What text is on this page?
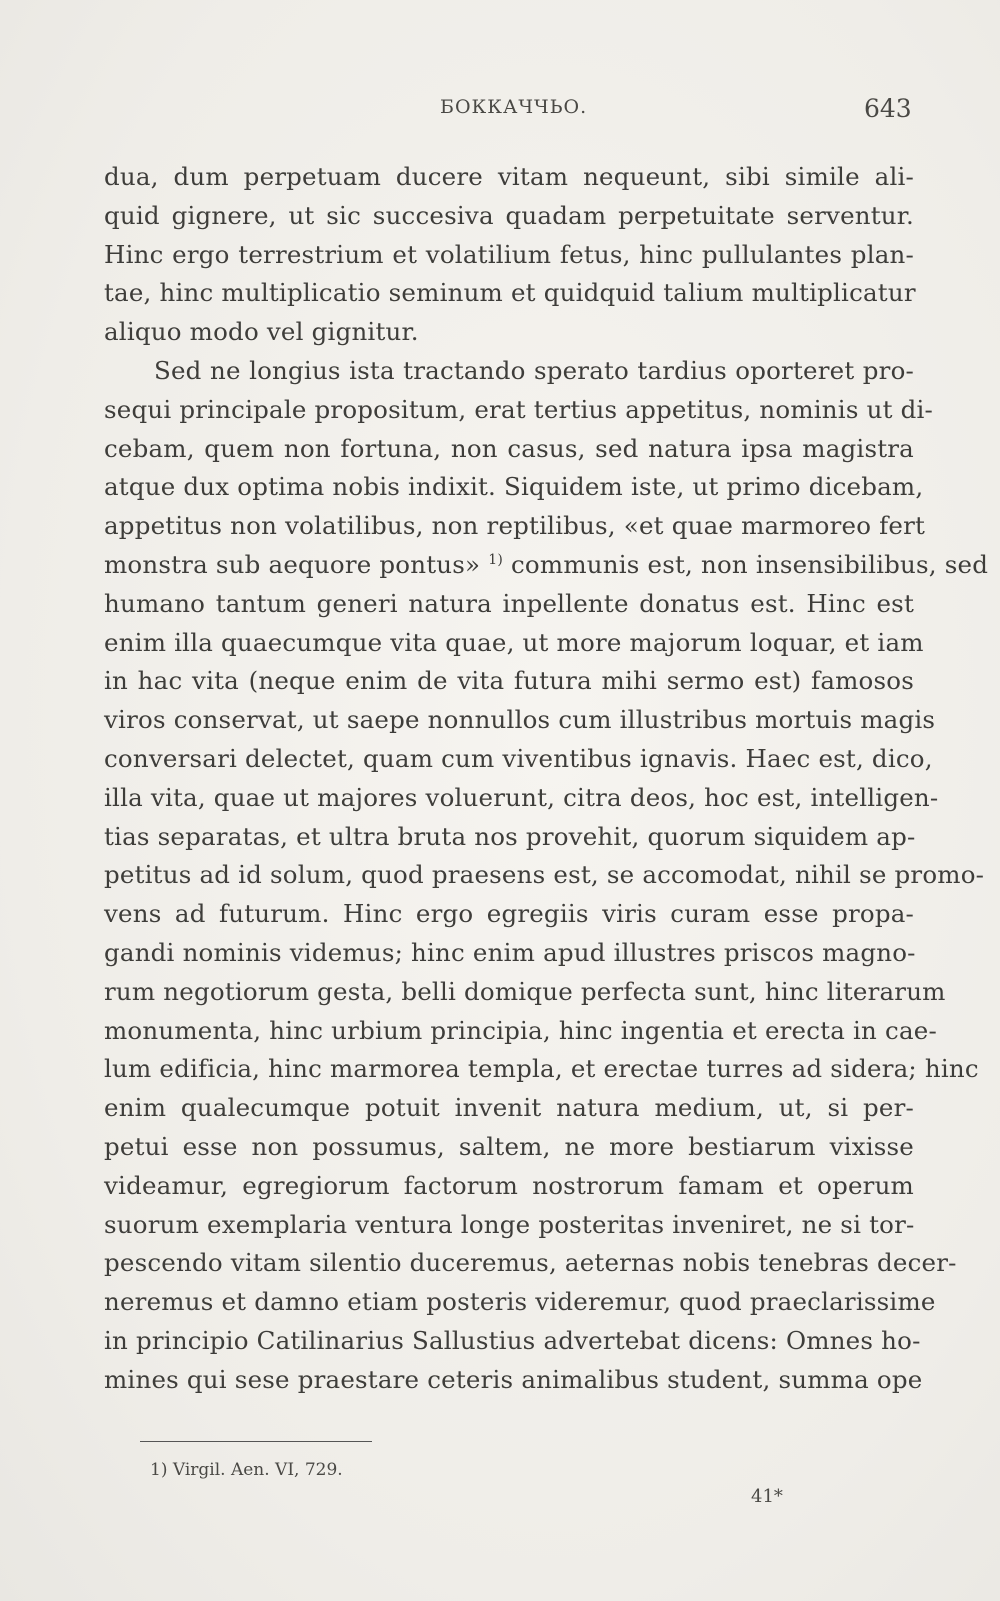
БОККАЧЧЬО.	643
dua, dum perpetuam ducere vitam nequeunt, sibi simile ali-
quid gignere, ut sic succesiva quadam perpetuitate serventur.
Hinc ergo terrestrium et volatilium fetus, hinc pullulantes plan-
tae, hinc multiplicatio seminum et quidquid talium multiplicatur
aliquo modo vel gignitur.
Sed ne longius ista tractando sperato tardius oporteret pro-
sequi principale propositum, erat tertius appetitus, nominis ut di-
cebam, quem non fortuna, non casus, sed natura ipsa magistra
atque dux optima nobis indixit. Siquidem iste, ut primo dicebam,
appetitus non volatilibus, non reptilibus, «et quae marmoreo fert
monstra sub aequore pontus» $^{1)}$ communis est, non insensibilibus, sed
humano tantum generi natura inpellente donatus est. Hinc est
enim illa quaecumque vita quae, ut more majorum loquar, et iam
in hac vita (neque enim de vita futura mihi sermo est) famosos
viros conservat, ut saepe nonnullos cum illustribus mortuis magis
conversari delectet, quam cum viventibus ignavis. Haec est, dico,
illa vita, quae ut majores voluerunt, citra deos, hoc est, intelligen-
tias separatas, et ultra bruta nos provehit, quorum siquidem ap-
petitus ad id solum, quod praesens est, se accomodat, nihil se promo-
vens ad futurum. Hinc ergo egregiis viris curam esse propa-
gandi nominis videmus; hinc enim apud illustres priscos magno-
rum negotiorum gesta, belli domique perfecta sunt, hinc literarum
monumenta, hinc urbium principia, hinc ingentia et erecta in cae-
lum edificia, hinc marmorea templa, et erectae turres ad sidera; hinc
enim qualecumque potuit invenit natura medium, ut, si per-
petui esse non possumus, saltem, ne more bestiarum vixisse
videamur, egregiorum factorum nostrorum famam et operum
suorum exemplaria ventura longe posteritas inveniret, ne si tor-
pescendo vitam silentio duceremus, aeternas nobis tenebras decer-
neremus et damno etiam posteris videremur, quod praeclarissime
in principio Catilinarius Sallustius advertebat dicens: Omnes ho-
mines qui sese praestare ceteris animalibus student, summa ope
1) Virgil. Aen. VI, 729.
41*
